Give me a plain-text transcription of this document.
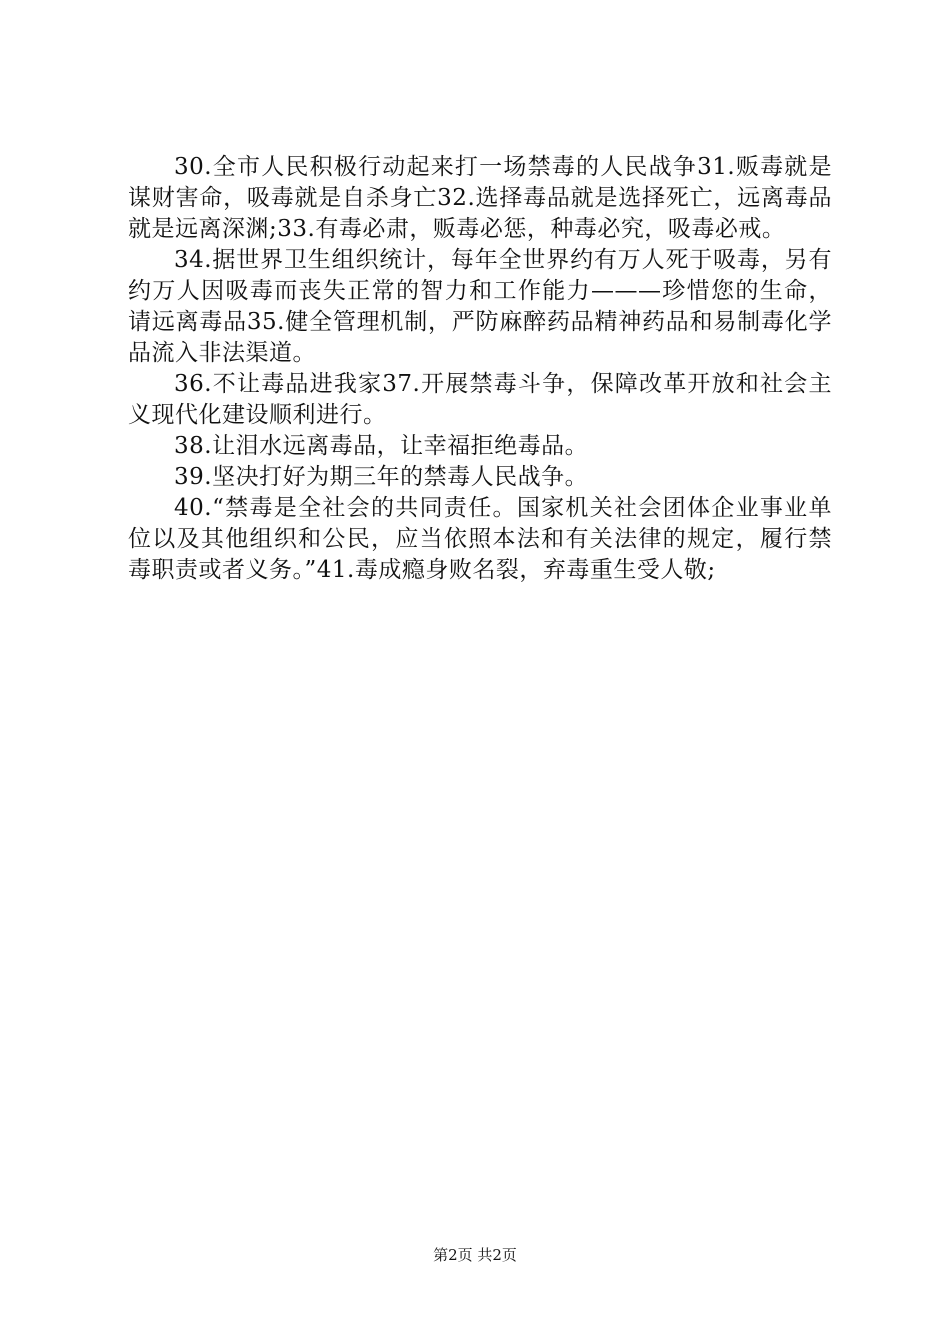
30.全市人民积极行动起来打一场禁毒的人民战争31.贩毒就是谋财害命，吸毒就是自杀身亡32.选择毒品就是选择死亡，远离毒品就是远离深渊;33.有毒必肃，贩毒必惩，种毒必究，吸毒必戒。

34.据世界卫生组织统计，每年全世界约有万人死于吸毒，另有约万人因吸毒而丧失正常的智力和工作能力———珍惜您的生命，请远离毒品35.健全管理机制，严防麻醉药品精神药品和易制毒化学品流入非法渠道。

36.不让毒品进我家37.开展禁毒斗争，保障改革开放和社会主义现代化建设顺利进行。

38.让泪水远离毒品，让幸福拒绝毒品。

39.坚决打好为期三年的禁毒人民战争。

40.“禁毒是全社会的共同责任。国家机关社会团体企业事业单位以及其他组织和公民，应当依照本法和有关法律的规定，履行禁毒职责或者义务。”41.毒成瘾身败名裂，弃毒重生受人敬;

第2页 共2页
